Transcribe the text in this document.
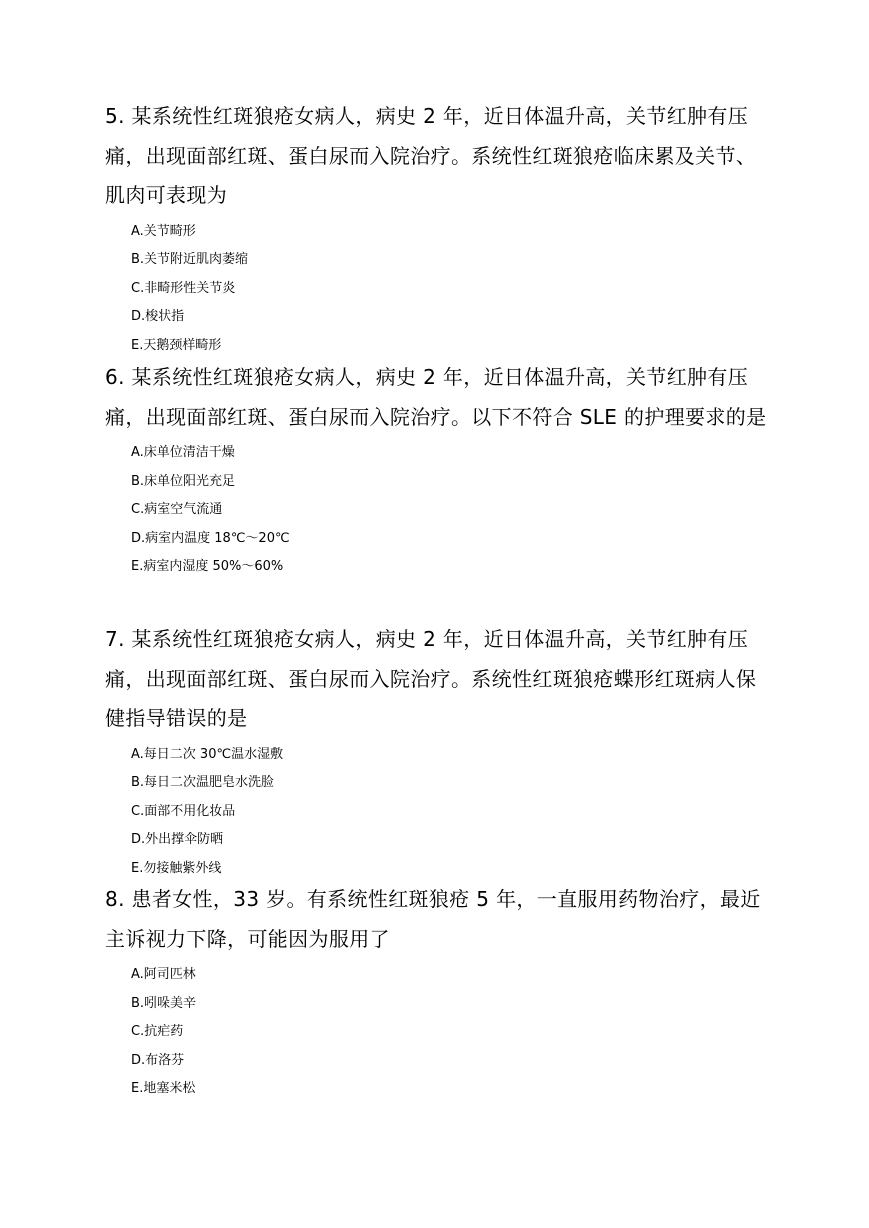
5. 某系统性红斑狼疮女病人，病史 2 年，近日体温升高，关节红肿有压痛，出现面部红斑、蛋白尿而入院治疗。系统性红斑狼疮临床累及关节、肌肉可表现为

A.关节畸形
B.关节附近肌肉萎缩
C.非畸形性关节炎
D.梭状指
E.天鹅颈样畸形

6. 某系统性红斑狼疮女病人，病史 2 年，近日体温升高，关节红肿有压痛，出现面部红斑、蛋白尿而入院治疗。以下不符合 SLE 的护理要求的是

A.床单位清洁干燥
B.床单位阳光充足
C.病室空气流通
D.病室内温度 18℃～20℃
E.病室内湿度 50%～60%

7. 某系统性红斑狼疮女病人，病史 2 年，近日体温升高，关节红肿有压痛，出现面部红斑、蛋白尿而入院治疗。系统性红斑狼疮蝶形红斑病人保健指导错误的是

A.每日二次 30℃温水湿敷
B.每日二次温肥皂水洗脸
C.面部不用化妆品
D.外出撑伞防晒
E.勿接触紫外线

8. 患者女性，33 岁。有系统性红斑狼疮 5 年，一直服用药物治疗，最近主诉视力下降，可能因为服用了

A.阿司匹林
B.吲哚美辛
C.抗疟药
D.布洛芬
E.地塞米松
